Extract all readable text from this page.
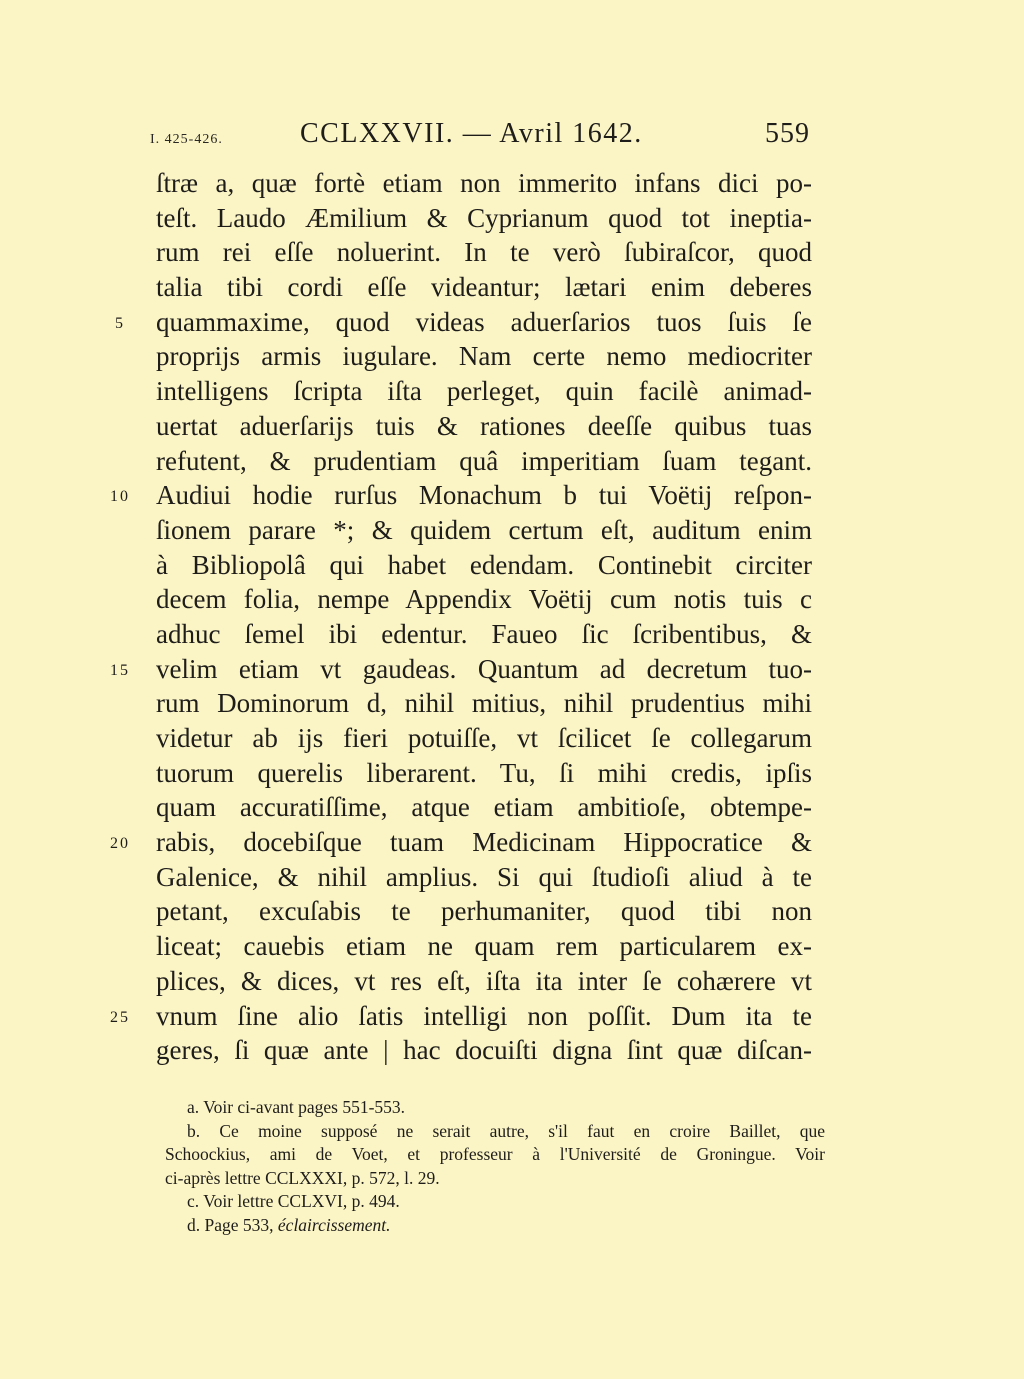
I. 425-426.	CCLXXVII. — Avril 1642.	559
ſtræ a, quæ fortè etiam non immerito infans dici po-
teſt. Laudo Æmilium & Cyprianum quod tot ineptia-
rum rei eſſe noluerint. In te verò ſubiraſcor, quod
talia tibi cordi eſſe videantur; lætari enim deberes
5	quammaxime, quod videas aduerſarios tuos ſuis ſe
proprijs armis iugulare. Nam certe nemo mediocriter
intelligens ſcripta iſta perleget, quin facilè animad-
uertat aduerſarijs tuis & rationes deeſſe quibus tuas
refutent, & prudentiam quâ imperitiam ſuam tegant.
10 Audiui hodie rurſus Monachum b tui Voëtij reſpon-
ſionem parare *; & quidem certum eſt, auditum enim
à Bibliopolâ qui habet edendam. Continebit circiter
decem folia, nempe Appendix Voëtij cum notis tuis c
adhuc ſemel ibi edentur. Faueo ſic ſcribentibus, &
15 velim etiam vt gaudeas. Quantum ad decretum tuo-
rum Dominorum d, nihil mitius, nihil prudentius mihi
videtur ab ijs fieri potuiſſe, vt ſcilicet ſe collegarum
tuorum querelis liberarent. Tu, ſi mihi credis, ipſis
quam accuratiſſime, atque etiam ambitioſe, obtempe-
20 rabis, docebiſque tuam Medicinam Hippocratice &
Galenice, & nihil amplius. Si qui ſtudioſi aliud à te
petant, excuſabis te perhumaniter, quod tibi non
liceat; cauebis etiam ne quam rem particularem ex-
plices, & dices, vt res eſt, iſta ita inter ſe cohærere vt
25 vnum ſine alio ſatis intelligi non poſſit. Dum ita te
geres, ſi quæ ante | hac docuiſti digna ſint quæ diſcan-
a. Voir ci-avant pages 551-553.
b. Ce moine supposé ne serait autre, s'il faut en croire Baillet, que
Schoockius, ami de Voet, et professeur à l'Université de Groningue. Voir
ci-après lettre CCLXXXI, p. 572, l. 29.
c. Voir lettre CCLXVI, p. 494.
d. Page 533, éclaircissement.
